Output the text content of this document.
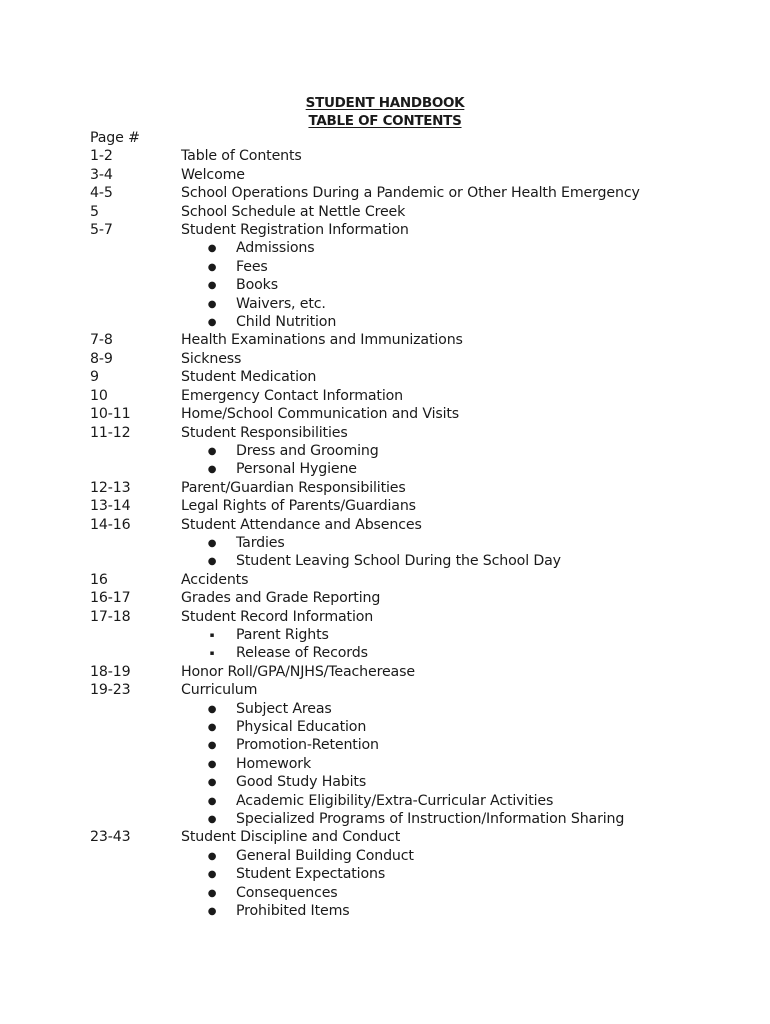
STUDENT HANDBOOK
TABLE OF CONTENTS
Page #
1-2	Table of Contents
3-4	Welcome
4-5	School Operations During a Pandemic or Other Health Emergency
5	School Schedule at Nettle Creek
5-7	Student Registration Information
●	Admissions
●	Fees
●	Books
●	Waivers, etc.
●	Child Nutrition
7-8	Health Examinations and Immunizations
8-9	Sickness
9	Student Medication
10	Emergency Contact Information
10-11	Home/School Communication and Visits
11-12	Student Responsibilities
●	Dress and Grooming
●	Personal Hygiene
12-13	Parent/Guardian Responsibilities
13-14	Legal Rights of Parents/Guardians
14-16	Student Attendance and Absences
●	Tardies
●	Student Leaving School During the School Day
16	Accidents
16-17	Grades and Grade Reporting
17-18	Student Record Information
▪	Parent Rights
▪	Release of Records
18-19	Honor Roll/GPA/NJHS/Teacherease
19-23	Curriculum
●	Subject Areas
●	Physical Education
●	Promotion-Retention
●	Homework
●	Good Study Habits
●	Academic Eligibility/Extra-Curricular Activities
●	Specialized Programs of Instruction/Information Sharing
23-43	Student Discipline and Conduct
●	General Building Conduct
●	Student Expectations
●	Consequences
●	Prohibited Items
